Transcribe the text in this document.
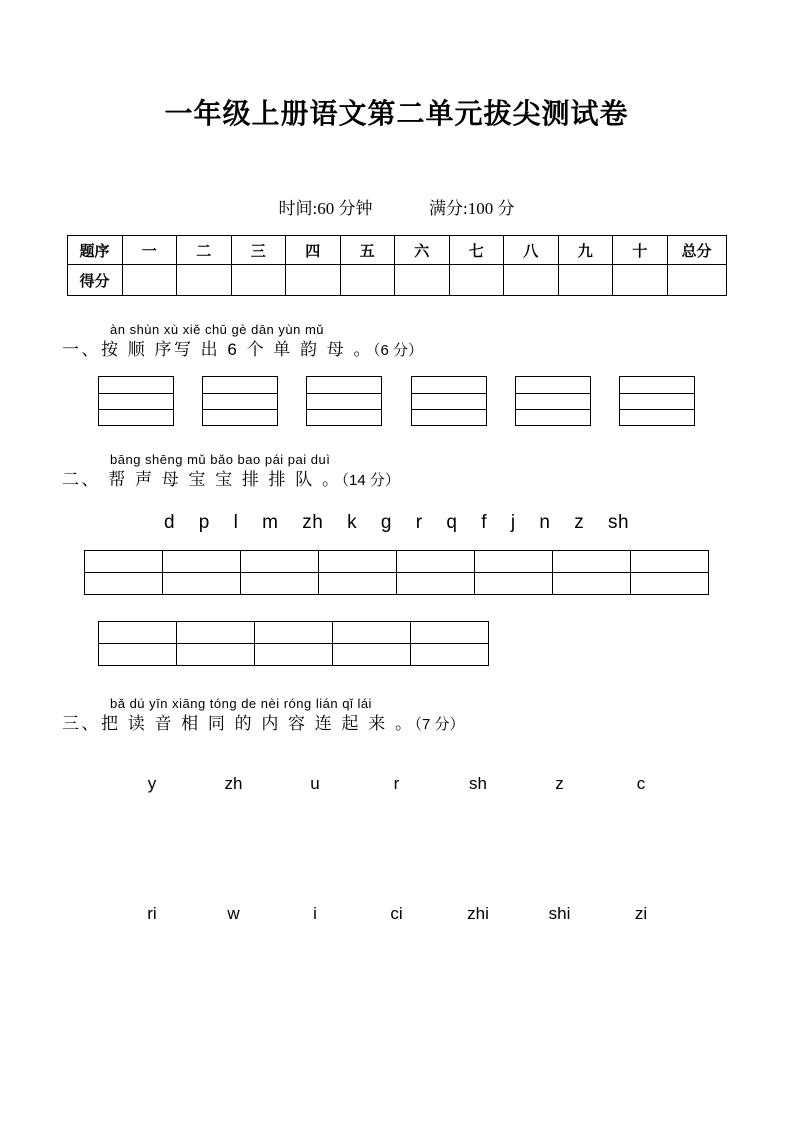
一年级上册语文第二单元拔尖测试卷
时间:60 分钟	满分:100 分
题序	一	二	三	四	五	六	七	八	九	十	总分
得分											
àn shùn xù xiě chū gè dān yùn mǔ
一、按 顺 序写 出 6 个 单 韵 母 。（6 分）
bāng shēng mǔ bǎo bao pái pai duì
二、 帮 声 母 宝 宝 排 排 队 。（14 分）
d p l m zh k g r q f j n z sh

bǎ dú yīn xiāng tóng de nèi róng lián qǐ lái
三、把 读 音 相 同 的 内 容 连 起 来 。（7 分）
y	zh	u	r	sh	z	c
ri	w	i	ci	zhi	shi	zi
